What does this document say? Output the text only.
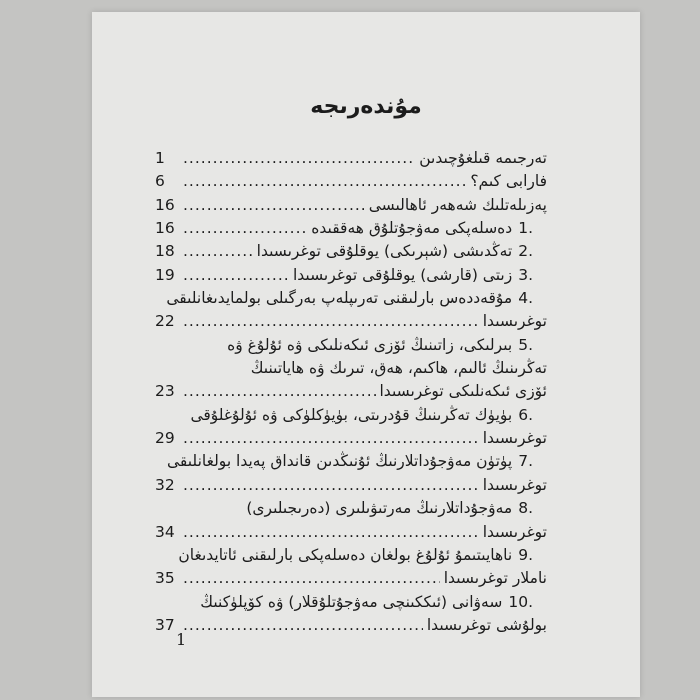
مۇندەرىجە
تەرجىمە قىلغۇچىدىن
.....
1
فارابى كىم؟
.....
6
پەزىلەتلىك شەھەر ئاھالىسى
.....
16
1.
دەسلەپكى مەۋجۇتلۇق ھەققىدە
.....
16
2.
تەڭدىشى (شېرىكى) يوقلۇقى توغرىسىدا
.....
18
3.
زىتى (قارشى) يوقلۇقى توغرىسىدا
.....
19
4.
مۇقەددەس بارلىقنى تەرىپلەپ بەرگىلى بولمايدىغانلىقى
توغرىسىدا
.....
22
5.
بىرلىكى، زاتىنىڭ ئۆزى ئىكەنلىكى ۋە ئۇلۇغ ۋە
تەڭرىنىڭ ئالىم، ھاكىم، ھەق، تىرىك ۋە ھاياتىنىڭ
ئۆزى ئىكەنلىكى توغرىسىدا
.....
23
6.
بۈيۈك تەڭرىنىڭ قۇدرىتى، بۈيۈكلۈكى ۋە ئۇلۇغلۇقى
توغرىسىدا
.....
29
7.
پۈتۈن مەۋجۇداتلارنىڭ ئۇنىڭدىن قانداق پەيدا بولغانلىقى
توغرىسىدا
.....
32
8.
مەۋجۇداتلارنىڭ مەرتىۋىلىرى (دەرىجىلىرى)
توغرىسىدا
.....
34
9.
ناھايىتىمۇ ئۇلۇغ بولغان دەسلەپكى بارلىقنى ئاتايدىغان
ناملار توغرىسىدا
.....
35
10.
سەۋانى (ئىككىنچى مەۋجۇتلۇقلار) ۋە كۆپلۈكنىڭ
بولۇشى توغرىسىدا
.....
37
1
